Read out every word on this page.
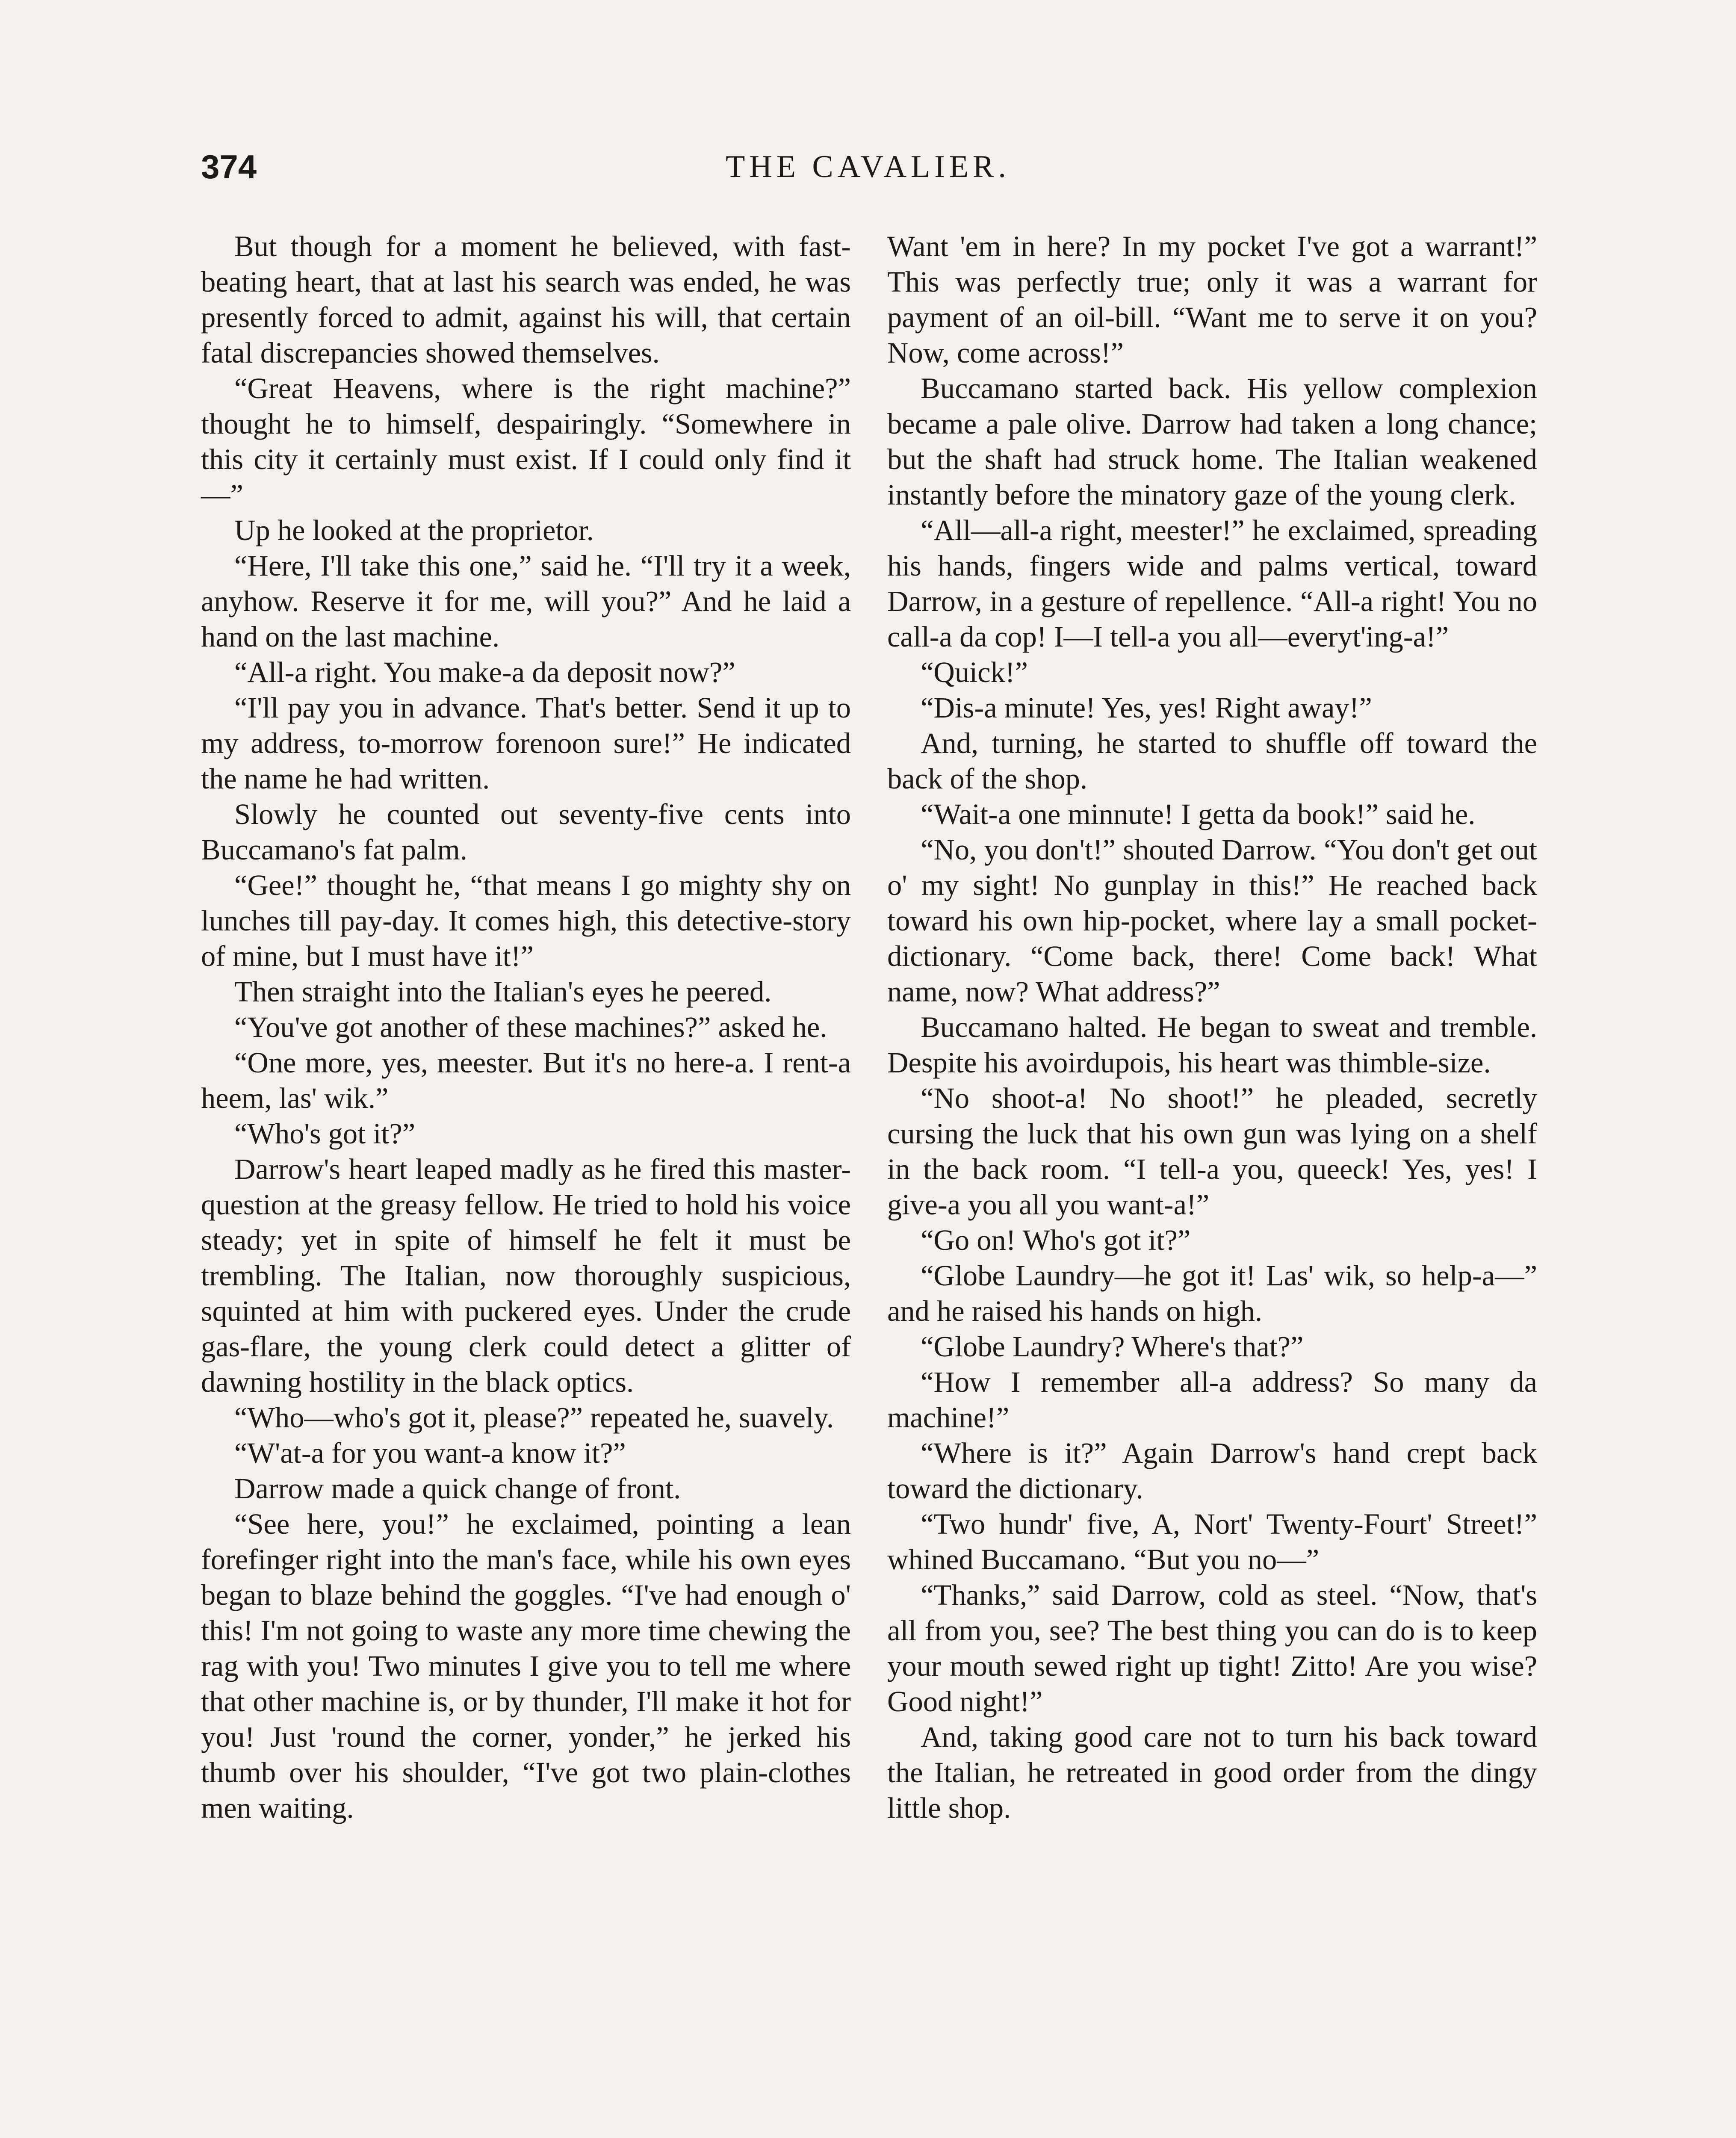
374	THE CAVALIER.

But though for a moment he believed, with fast-beating heart, that at last his search was ended, he was presently forced to admit, against his will, that certain fatal discrepancies showed themselves.

“Great Heavens, where is the right machine?” thought he to himself, despairingly. “Somewhere in this city it certainly must exist. If I could only find it—”

Up he looked at the proprietor.

“Here, I'll take this one,” said he. “I'll try it a week, anyhow. Reserve it for me, will you?” And he laid a hand on the last machine.

“All-a right. You make-a da deposit now?”

“I'll pay you in advance. That's better. Send it up to my address, to-morrow forenoon sure!” He indicated the name he had written.

Slowly he counted out seventy-five cents into Buccamano's fat palm.

“Gee!” thought he, “that means I go mighty shy on lunches till pay-day. It comes high, this detective-story of mine, but I must have it!”

Then straight into the Italian's eyes he peered.

“You've got another of these machines?” asked he.

“One more, yes, meester. But it's no here-a. I rent-a heem, las' wik.”

“Who's got it?”

Darrow's heart leaped madly as he fired this master-question at the greasy fellow. He tried to hold his voice steady; yet in spite of himself he felt it must be trembling. The Italian, now thoroughly suspicious, squinted at him with puckered eyes. Under the crude gas-flare, the young clerk could detect a glitter of dawning hostility in the black optics.

“Who—who's got it, please?” repeated he, suavely.

“W'at-a for you want-a know it?”

Darrow made a quick change of front.

“See here, you!” he exclaimed, pointing a lean forefinger right into the man's face, while his own eyes began to blaze behind the goggles. “I've had enough o' this! I'm not going to waste any more time chewing the rag with you! Two minutes I give you to tell me where that other machine is, or by thunder, I'll make it hot for you! Just 'round the corner, yonder,” he jerked his thumb over his shoulder, “I've got two plain-clothes men waiting.

Want 'em in here? In my pocket I've got a warrant!” This was perfectly true; only it was a warrant for payment of an oil-bill. “Want me to serve it on you? Now, come across!”

Buccamano started back. His yellow complexion became a pale olive. Darrow had taken a long chance; but the shaft had struck home. The Italian weakened instantly before the minatory gaze of the young clerk.

“All—all-a right, meester!” he exclaimed, spreading his hands, fingers wide and palms vertical, toward Darrow, in a gesture of repellence. “All-a right! You no call-a da cop! I—I tell-a you all—everyt'ing-a!”

“Quick!”

“Dis-a minute! Yes, yes! Right away!”

And, turning, he started to shuffle off toward the back of the shop.

“Wait-a one minnute! I getta da book!” said he.

“No, you don't!” shouted Darrow. “You don't get out o' my sight! No gunplay in this!” He reached back toward his own hip-pocket, where lay a small pocket-dictionary. “Come back, there! Come back! What name, now? What address?”

Buccamano halted. He began to sweat and tremble. Despite his avoirdupois, his heart was thimble-size.

“No shoot-a! No shoot!” he pleaded, secretly cursing the luck that his own gun was lying on a shelf in the back room. “I tell-a you, queeck! Yes, yes! I give-a you all you want-a!”

“Go on! Who's got it?”

“Globe Laundry—he got it! Las' wik, so help-a—” and he raised his hands on high.

“Globe Laundry? Where's that?”

“How I remember all-a address? So many da machine!”

“Where is it?” Again Darrow's hand crept back toward the dictionary.

“Two hundr' five, A, Nort' Twenty-Fourt' Street!” whined Buccamano. “But you no—”

“Thanks,” said Darrow, cold as steel. “Now, that's all from you, see? The best thing you can do is to keep your mouth sewed right up tight! Zitto! Are you wise? Good night!”

And, taking good care not to turn his back toward the Italian, he retreated in good order from the dingy little shop.
